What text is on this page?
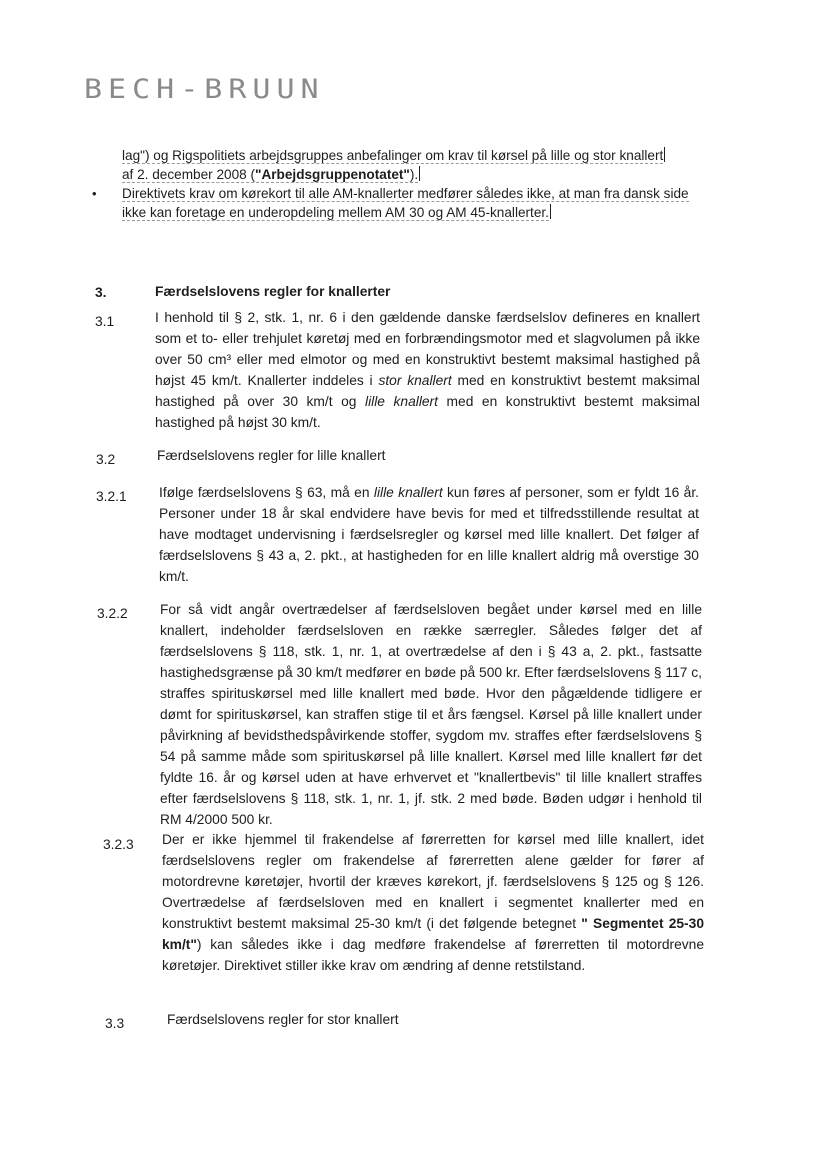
BECH-BRUUN

lag") og Rigspolitiets arbejdsgruppes anbefalinger om krav til kørsel på lille og stor knallert
af 2. december 2008 ("Arbejdsgruppenotatet").

• Direktivets krav om kørekort til alle AM-knallerter medfører således ikke, at man fra dansk side ikke kan foretage en underopdeling mellem AM 30 og AM 45-knallerter.
3.	Færdselslovens regler for knallerter
3.1	I henhold til § 2, stk. 1, nr. 6 i den gældende danske færdselslov defineres en knallert som et to- eller trehjulet køretøj med en forbrændingsmotor med et slagvolumen på ikke over 50 cm³ eller med elmotor og med en konstruktivt bestemt maksimal hastighed på højst 45 km/t. Knallerter inddeles i stor knallert med en konstruktivt bestemt maksimal hastighed på over 30 km/t og lille knallert med en konstruktivt bestemt maksimal hastighed på højst 30 km/t.
3.2	Færdselslovens regler for lille knallert
3.2.1 Ifølge færdselslovens § 63, må en lille knallert kun føres af personer, som er fyldt 16 år. Personer under 18 år skal endvidere have bevis for med et tilfredsstillende resultat at have modtaget undervisning i færdselsregler og kørsel med lille knallert. Det følger af færdselslovens § 43 a, 2. pkt., at hastigheden for en lille knallert aldrig må overstige 30 km/t.
3.2.2 For så vidt angår overtrædelser af færdselsloven begået under kørsel med en lille knallert, indeholder færdselsloven en række særregler. Således følger det af færdselslovens § 118, stk. 1, nr. 1, at overtrædelse af den i § 43 a, 2. pkt., fastsatte hastighedsgrænse på 30 km/t medfører en bøde på 500 kr. Efter færdselslovens § 117 c, straffes spirituskørsel med lille knallert med bøde. Hvor den pågældende tidligere er dømt for spirituskørsel, kan straffen stige til et års fængsel. Kørsel på lille knallert under påvirkning af bevidsthedspåvirkende stoffer, sygdom mv. straffes efter færdselslovens § 54 på samme måde som spirituskørsel på lille knallert. Kørsel med lille knallert før det fyldte 16. år og kørsel uden at have erhvervet et "knallertbevis" til lille knallert straffes efter færdselslovens § 118, stk. 1, nr. 1, jf. stk. 2 med bøde. Bøden udgør i henhold til RM 4/2000 500 kr.
3.2.3 Der er ikke hjemmel til frakendelse af førerretten for kørsel med lille knallert, idet færdselslovens regler om frakendelse af førerretten alene gælder for fører af motordrevne køretøjer, hvortil der kræves kørekort, jf. færdselslovens § 125 og § 126. Overtrædelse af færdselsloven med en knallert i segmentet knallerter med en konstruktivt bestemt maksimal 25-30 km/t (i det følgende betegnet " Segmentet 25-30 km/t") kan således ikke i dag medføre frakendelse af førerretten til motordrevne køretøjer. Direktivet stiller ikke krav om ændring af denne retstilstand.
3.3	Færdselslovens regler for stor knallert
